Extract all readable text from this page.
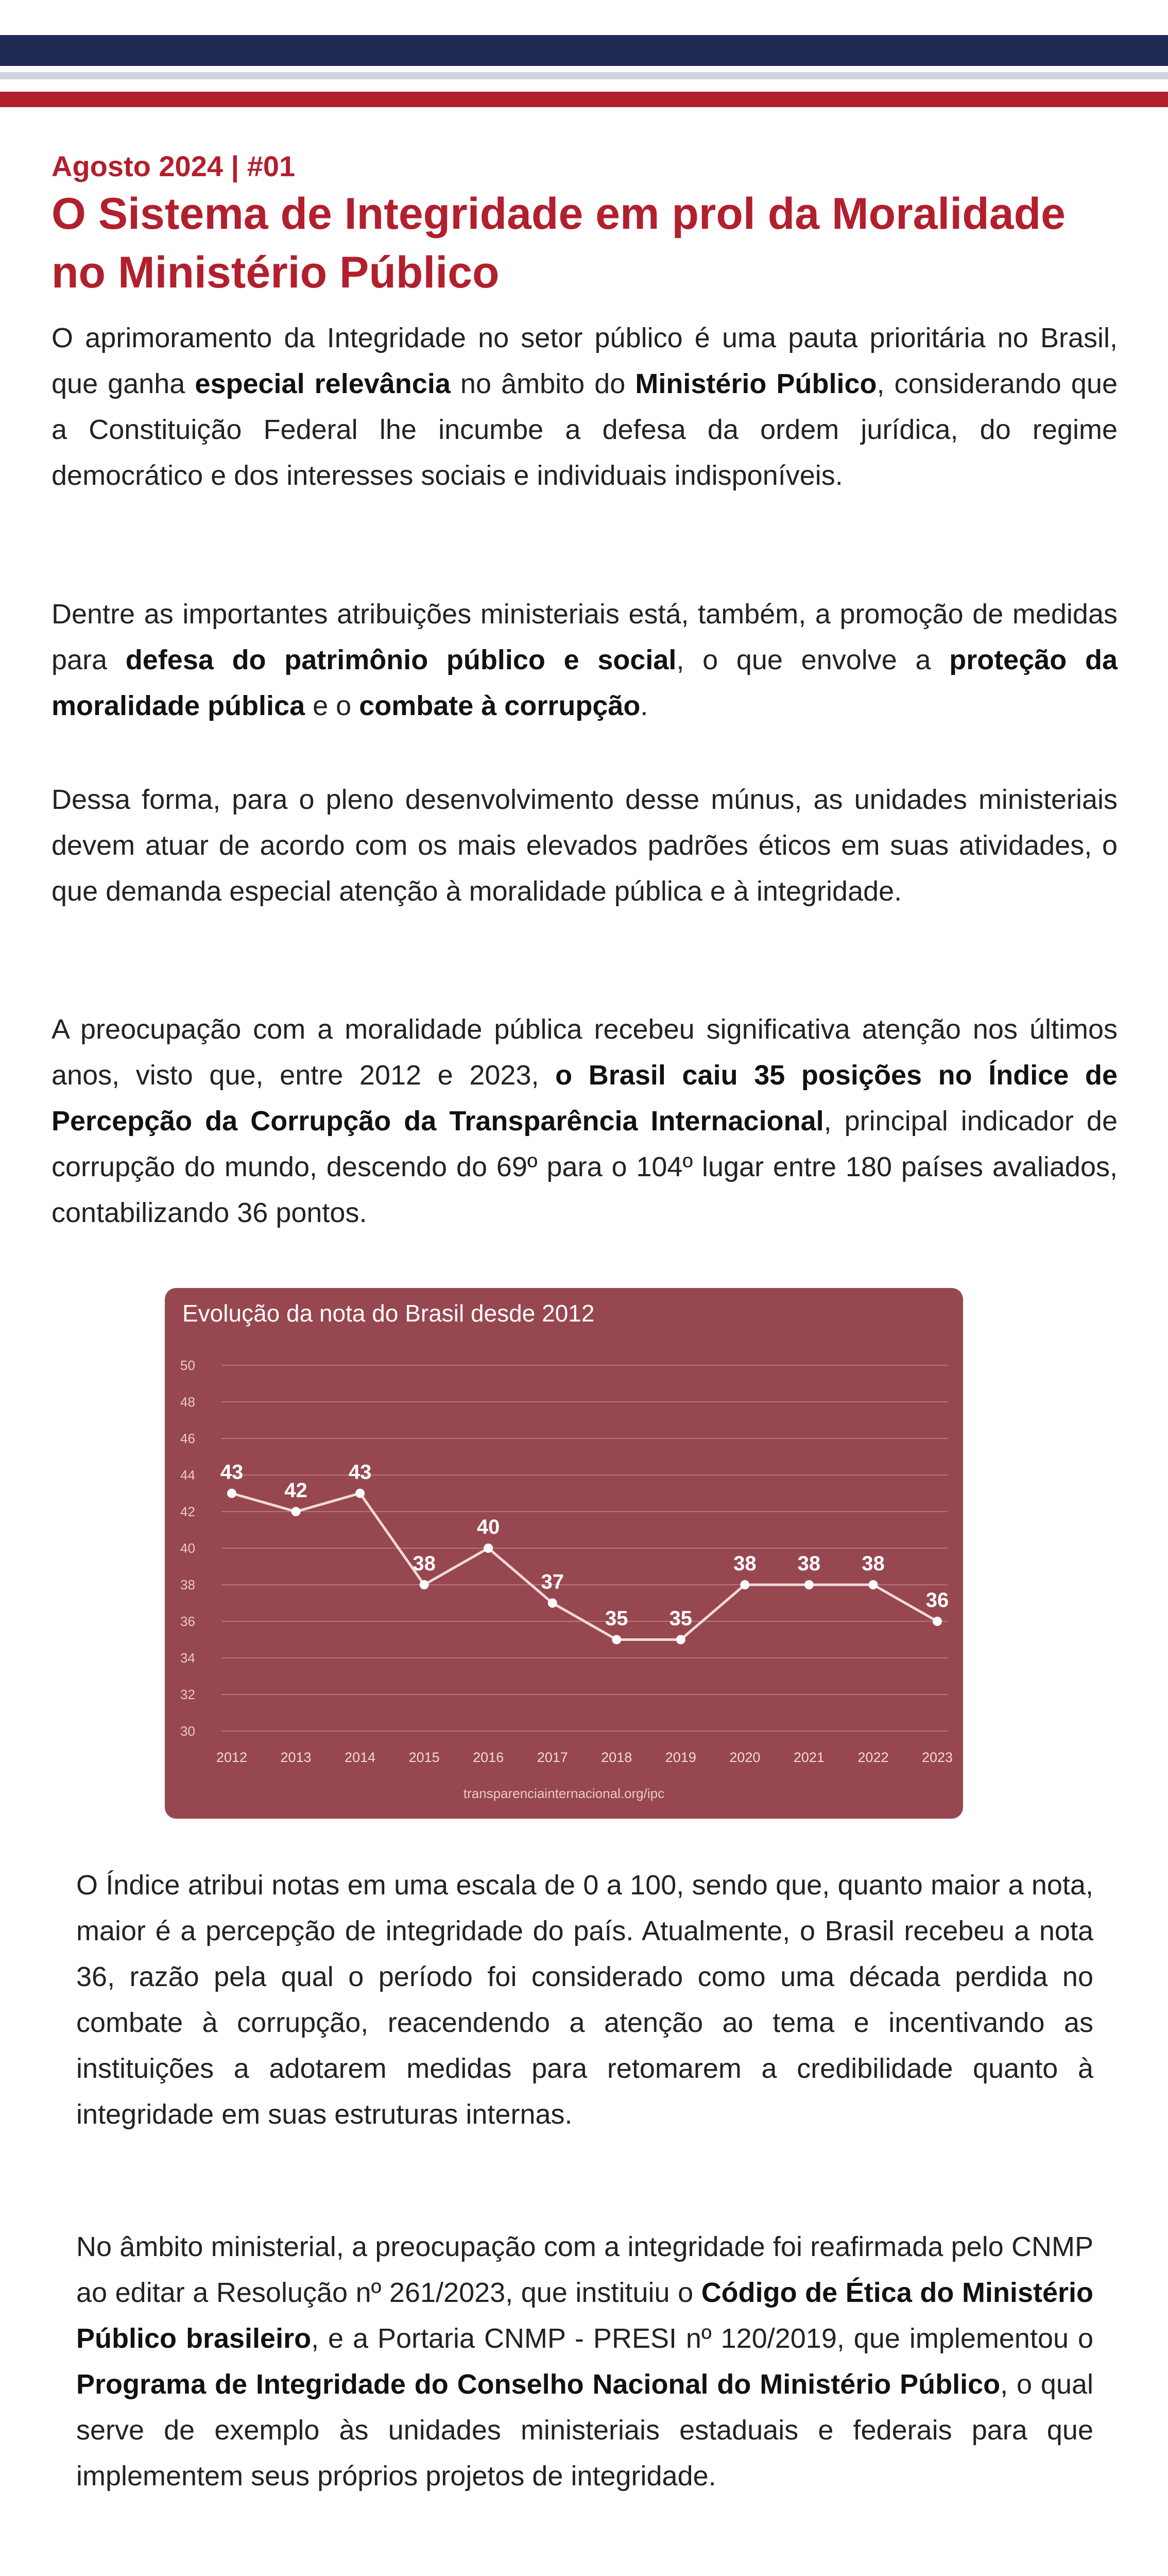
Agosto 2024 | #01
O Sistema de Integridade em prol da Moralidade no Ministério Público

O aprimoramento da Integridade no setor público é uma pauta prioritária no Brasil, que ganha especial relevância no âmbito do Ministério Público, considerando que a Constituição Federal lhe incumbe a defesa da ordem jurídica, do regime democrático e dos interesses sociais e individuais indisponíveis.

Dentre as importantes atribuições ministeriais está, também, a promoção de medidas para defesa do patrimônio público e social, o que envolve a proteção da moralidade pública e o combate à corrupção.

Dessa forma, para o pleno desenvolvimento desse múnus, as unidades ministeriais devem atuar de acordo com os mais elevados padrões éticos em suas atividades, o que demanda especial atenção à moralidade pública e à integridade.

A preocupação com a moralidade pública recebeu significativa atenção nos últimos anos, visto que, entre 2012 e 2023, o Brasil caiu 35 posições no Índice de Percepção da Corrupção da Transparência Internacional, principal indicador de corrupção do mundo, descendo do 69º para o 104º lugar entre 180 países avaliados, contabilizando 36 pontos.

Evolução da nota do Brasil desde 2012
30
32
34
36
38
40
42
44
46
48
50
2012 2013 2014 2015 2016 2017 2018 2019 2020 2021 2022 2023
43
42
43
38
40
37
35 35
38 38 38
36
transparenciainternacional.org/ipc

O Índice atribui notas em uma escala de 0 a 100, sendo que, quanto maior a nota, maior é a percepção de integridade do país. Atualmente, o Brasil recebeu a nota 36, razão pela qual o período foi considerado como uma década perdida no combate à corrupção, reacendendo a atenção ao tema e incentivando as instituições a adotarem medidas para retomarem a credibilidade quanto à integridade em suas estruturas internas.

No âmbito ministerial, a preocupação com a integridade foi reafirmada pelo CNMP ao editar a Resolução nº 261/2023, que instituiu o Código de Ética do Ministério Público brasileiro, e a Portaria CNMP - PRESI nº 120/2019, que implementou o Programa de Integridade do Conselho Nacional do Ministério Público, o qual serve de exemplo às unidades ministeriais estaduais e federais para que implementem seus próprios projetos de integridade.
